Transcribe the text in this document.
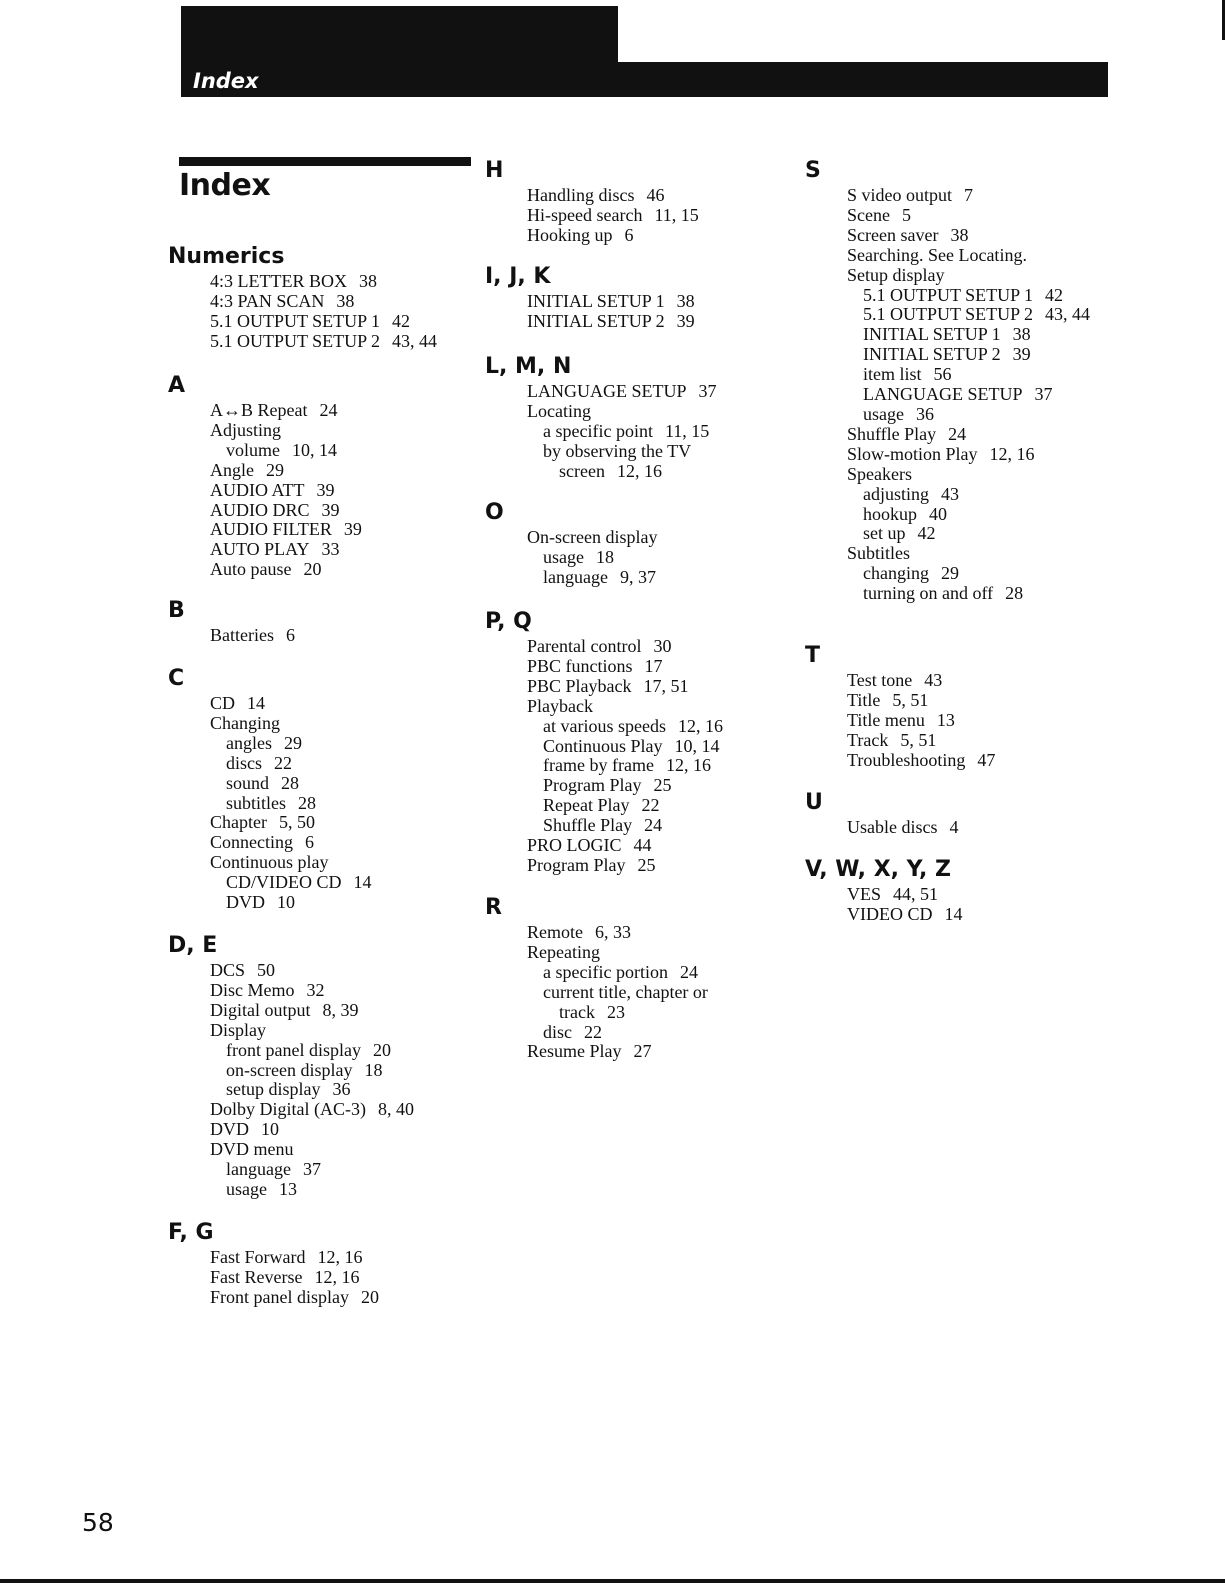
Index
Index
Numerics
4:3 LETTER BOX 38
4:3 PAN SCAN 38
5.1 OUTPUT SETUP 1 42
5.1 OUTPUT SETUP 2 43, 44
A
A↔B Repeat 24
Adjusting
volume 10, 14
Angle 29
AUDIO ATT 39
AUDIO DRC 39
AUDIO FILTER 39
AUTO PLAY 33
Auto pause 20
B
Batteries 6
C
CD 14
Changing
angles 29
discs 22
sound 28
subtitles 28
Chapter 5, 50
Connecting 6
Continuous play
CD/VIDEO CD 14
DVD 10
D, E
DCS 50
Disc Memo 32
Digital output 8, 39
Display
front panel display 20
on-screen display 18
setup display 36
Dolby Digital (AC-3) 8, 40
DVD 10
DVD menu
language 37
usage 13
F, G
Fast Forward 12, 16
Fast Reverse 12, 16
Front panel display 20
H
Handling discs 46
Hi-speed search 11, 15
Hooking up 6
I, J, K
INITIAL SETUP 1 38
INITIAL SETUP 2 39
L, M, N
LANGUAGE SETUP 37
Locating
a specific point 11, 15
by observing the TV
screen 12, 16
O
On-screen display
usage 18
language 9, 37
P, Q
Parental control 30
PBC functions 17
PBC Playback 17, 51
Playback
at various speeds 12, 16
Continuous Play 10, 14
frame by frame 12, 16
Program Play 25
Repeat Play 22
Shuffle Play 24
PRO LOGIC 44
Program Play 25
R
Remote 6, 33
Repeating
a specific portion 24
current title, chapter or
track 23
disc 22
Resume Play 27
S
S video output 7
Scene 5
Screen saver 38
Searching. See Locating.
Setup display
5.1 OUTPUT SETUP 1 42
5.1 OUTPUT SETUP 2 43, 44
INITIAL SETUP 1 38
INITIAL SETUP 2 39
item list 56
LANGUAGE SETUP 37
usage 36
Shuffle Play 24
Slow-motion Play 12, 16
Speakers
adjusting 43
hookup 40
set up 42
Subtitles
changing 29
turning on and off 28
T
Test tone 43
Title 5, 51
Title menu 13
Track 5, 51
Troubleshooting 47
U
Usable discs 4
V, W, X, Y, Z
VES 44, 51
VIDEO CD 14
58
